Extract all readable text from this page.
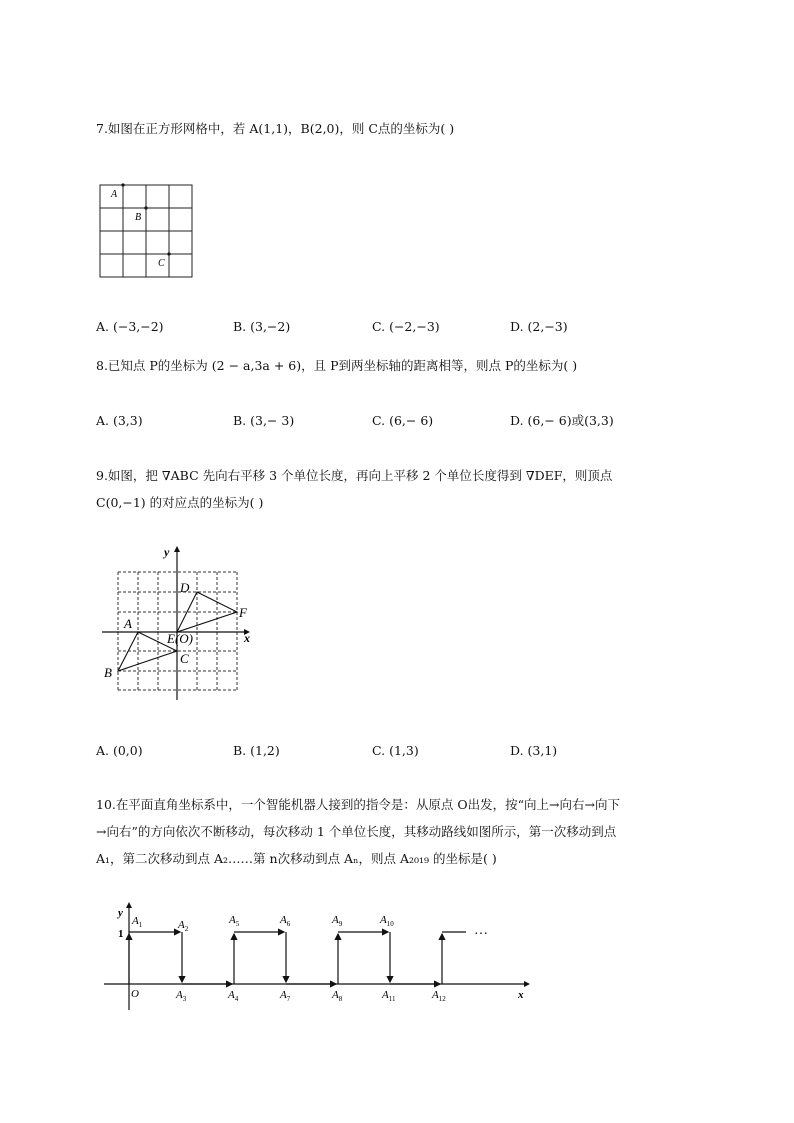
7.如图在正方形网格中，若 A(1,1)，B(2,0)，则 C点的坐标为( )
A
B
C
A. (−3,−2)	B. (3,−2)	C. (−2,−3)	D. (2,−3)
8.已知点 P的坐标为 (2 − a,3a + 6)，且 P到两坐标轴的距离相等，则点 P的坐标为( )
A. (3,3)	B. (3,− 3)	C. (6,− 6)	D. (6,− 6)或(3,3)
9.如图，把 ∇ABC 先向右平移 3 个单位长度，再向上平移 2 个单位长度得到 ∇DEF，则顶点
C(0,−1) 的对应点的坐标为( )
y
x
D
F
A
E(O)
C
B
A. (0,0)	B. (1,2)	C. (1,3)	D. (3,1)
10.在平面直角坐标系中，一个智能机器人接到的指令是：从原点 O出发，按“向上→向右→向下
→向右”的方向依次不断移动，每次移动 1 个单位长度，其移动路线如图所示，第一次移动到点
A₁，第二次移动到点 A₂……第 n次移动到点 Aₙ，则点 A₂₀₁₉ 的坐标是( )
…
y
x
1
O
$A_1$	$A_2$
$A_3$	$A_4$
$A_5$	$A_6$
$A_7$	$A_8$
$A_9$	$A_{10}$
$A_{11}$	$A_{12}$
